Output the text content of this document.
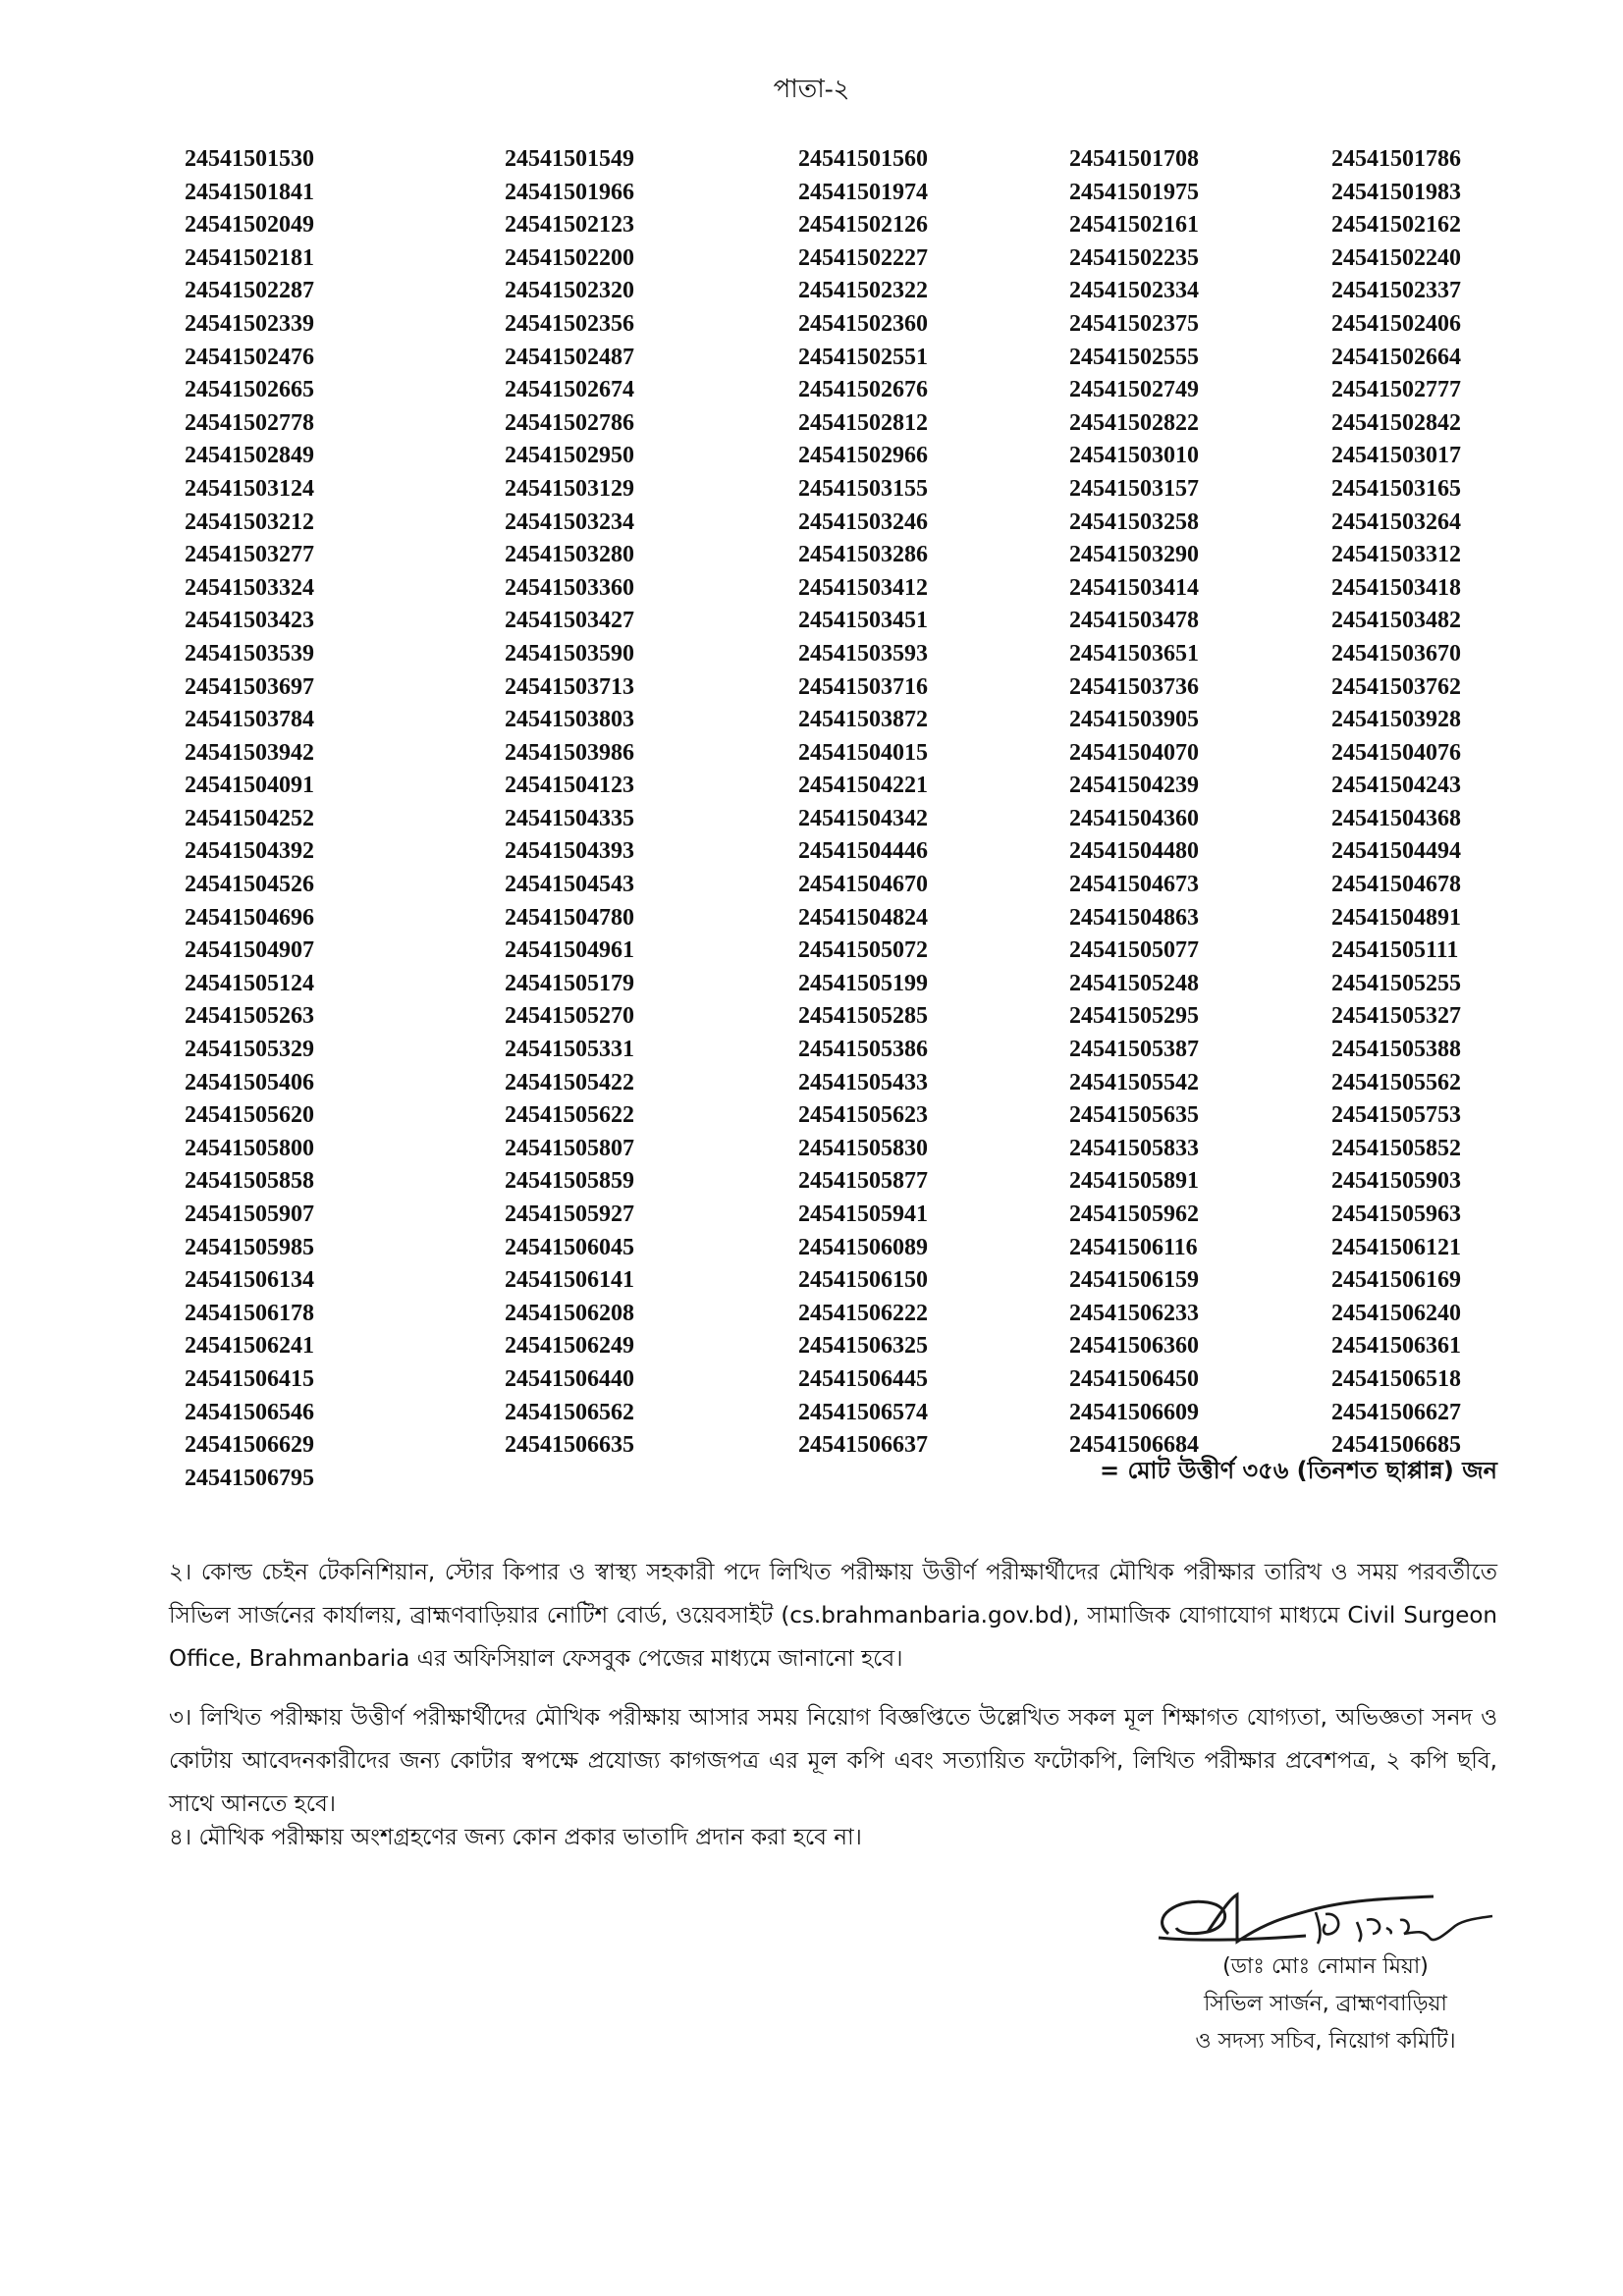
পাতা-২
24541501530	24541501549	24541501560	24541501708	24541501786
24541501841	24541501966	24541501974	24541501975	24541501983
24541502049	24541502123	24541502126	24541502161	24541502162
24541502181	24541502200	24541502227	24541502235	24541502240
24541502287	24541502320	24541502322	24541502334	24541502337
24541502339	24541502356	24541502360	24541502375	24541502406
24541502476	24541502487	24541502551	24541502555	24541502664
24541502665	24541502674	24541502676	24541502749	24541502777
24541502778	24541502786	24541502812	24541502822	24541502842
24541502849	24541502950	24541502966	24541503010	24541503017
24541503124	24541503129	24541503155	24541503157	24541503165
24541503212	24541503234	24541503246	24541503258	24541503264
24541503277	24541503280	24541503286	24541503290	24541503312
24541503324	24541503360	24541503412	24541503414	24541503418
24541503423	24541503427	24541503451	24541503478	24541503482
24541503539	24541503590	24541503593	24541503651	24541503670
24541503697	24541503713	24541503716	24541503736	24541503762
24541503784	24541503803	24541503872	24541503905	24541503928
24541503942	24541503986	24541504015	24541504070	24541504076
24541504091	24541504123	24541504221	24541504239	24541504243
24541504252	24541504335	24541504342	24541504360	24541504368
24541504392	24541504393	24541504446	24541504480	24541504494
24541504526	24541504543	24541504670	24541504673	24541504678
24541504696	24541504780	24541504824	24541504863	24541504891
24541504907	24541504961	24541505072	24541505077	24541505111
24541505124	24541505179	24541505199	24541505248	24541505255
24541505263	24541505270	24541505285	24541505295	24541505327
24541505329	24541505331	24541505386	24541505387	24541505388
24541505406	24541505422	24541505433	24541505542	24541505562
24541505620	24541505622	24541505623	24541505635	24541505753
24541505800	24541505807	24541505830	24541505833	24541505852
24541505858	24541505859	24541505877	24541505891	24541505903
24541505907	24541505927	24541505941	24541505962	24541505963
24541505985	24541506045	24541506089	24541506116	24541506121
24541506134	24541506141	24541506150	24541506159	24541506169
24541506178	24541506208	24541506222	24541506233	24541506240
24541506241	24541506249	24541506325	24541506360	24541506361
24541506415	24541506440	24541506445	24541506450	24541506518
24541506546	24541506562	24541506574	24541506609	24541506627
24541506629	24541506635	24541506637	24541506684	24541506685
24541506795	= মোট উত্তীর্ণ ৩৫৬ (তিনশত ছাপ্পান্ন) জন

২। কোল্ড চেইন টেকনিশিয়ান, স্টোর কিপার ও স্বাস্থ্য সহকারী পদে লিখিত পরীক্ষায় উত্তীর্ণ পরীক্ষার্থীদের মৌখিক পরীক্ষার তারিখ ও সময় পরবর্তীতে সিভিল সার্জনের কার্যালয়, ব্রাহ্মণবাড়িয়ার নোটিশ বোর্ড, ওয়েবসাইট (cs.brahmanbaria.gov.bd), সামাজিক যোগাযোগ মাধ্যমে Civil Surgeon Office, Brahmanbaria এর অফিসিয়াল ফেসবুক পেজের মাধ্যমে জানানো হবে।

৩। লিখিত পরীক্ষায় উত্তীর্ণ পরীক্ষার্থীদের মৌখিক পরীক্ষায় আসার সময় নিয়োগ বিজ্ঞপ্তিতে উল্লেখিত সকল মূল শিক্ষাগত যোগ্যতা, অভিজ্ঞতা সনদ ও কোটায় আবেদনকারীদের জন্য কোটার স্বপক্ষে প্রযোজ্য কাগজপত্র এর মূল কপি এবং সত্যায়িত ফটোকপি, লিখিত পরীক্ষার প্রবেশপত্র, ২ কপি ছবি, সাথে আনতে হবে।

৪। মৌখিক পরীক্ষায় অংশগ্রহণের জন্য কোন প্রকার ভাতাদি প্রদান করা হবে না।

(ডাঃ মোঃ নোমান মিয়া)
সিভিল সার্জন, ব্রাহ্মণবাড়িয়া
ও সদস্য সচিব, নিয়োগ কমিটি।
